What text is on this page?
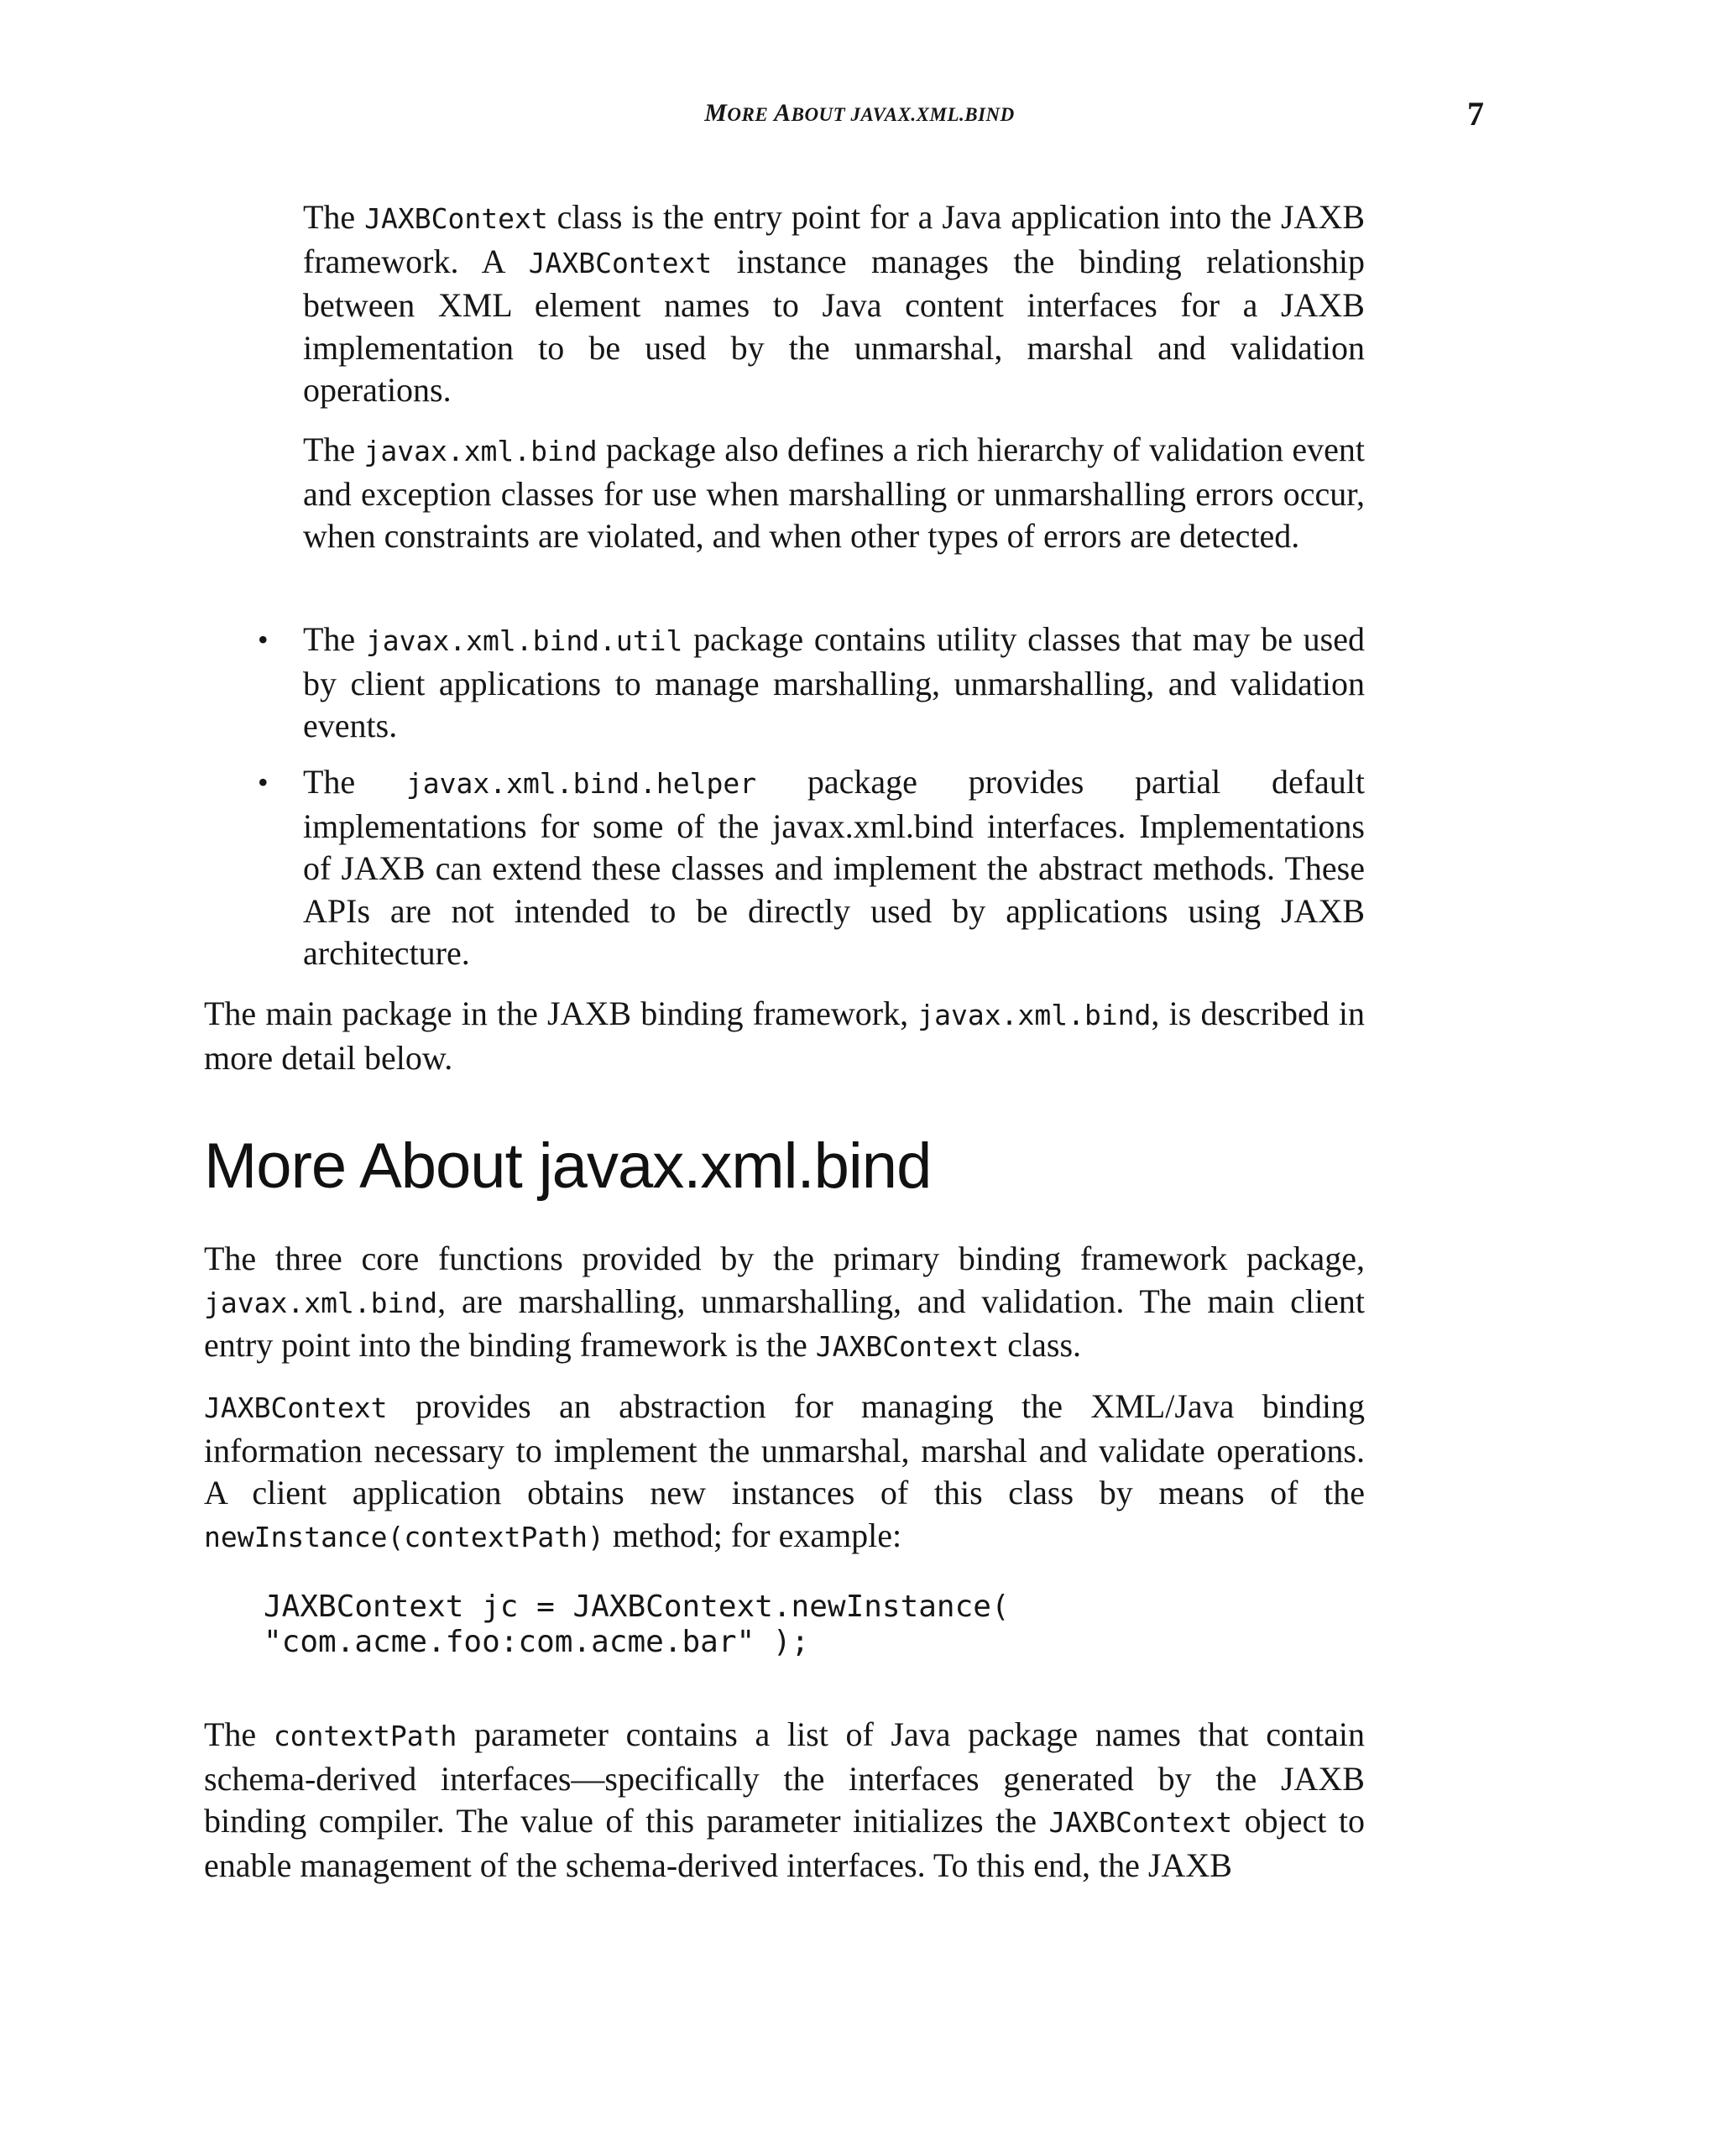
MORE ABOUT JAVAX.XML.BIND	7

The JAXBContext class is the entry point for a Java application into the JAXB framework. A JAXBContext instance manages the binding relationship between XML element names to Java content interfaces for a JAXB implementation to be used by the unmarshal, marshal and validation operations.

The javax.xml.bind package also defines a rich hierarchy of validation event and exception classes for use when marshalling or unmarshalling errors occur, when constraints are violated, and when other types of errors are detected.

• The javax.xml.bind.util package contains utility classes that may be used by client applications to manage marshalling, unmarshalling, and validation events.

• The javax.xml.bind.helper package provides partial default implementations for some of the javax.xml.bind interfaces. Implementations of JAXB can extend these classes and implement the abstract methods. These APIs are not intended to be directly used by applications using JAXB architecture.

The main package in the JAXB binding framework, javax.xml.bind, is described in more detail below.

More About javax.xml.bind

The three core functions provided by the primary binding framework package, javax.xml.bind, are marshalling, unmarshalling, and validation. The main client entry point into the binding framework is the JAXBContext class.

JAXBContext provides an abstraction for managing the XML/Java binding information necessary to implement the unmarshal, marshal and validate operations. A client application obtains new instances of this class by means of the newInstance(contextPath) method; for example:

JAXBContext jc = JAXBContext.newInstance(
"com.acme.foo:com.acme.bar" );

The contextPath parameter contains a list of Java package names that contain schema-derived interfaces—specifically the interfaces generated by the JAXB binding compiler. The value of this parameter initializes the JAXBContext object to enable management of the schema-derived interfaces. To this end, the JAXB
